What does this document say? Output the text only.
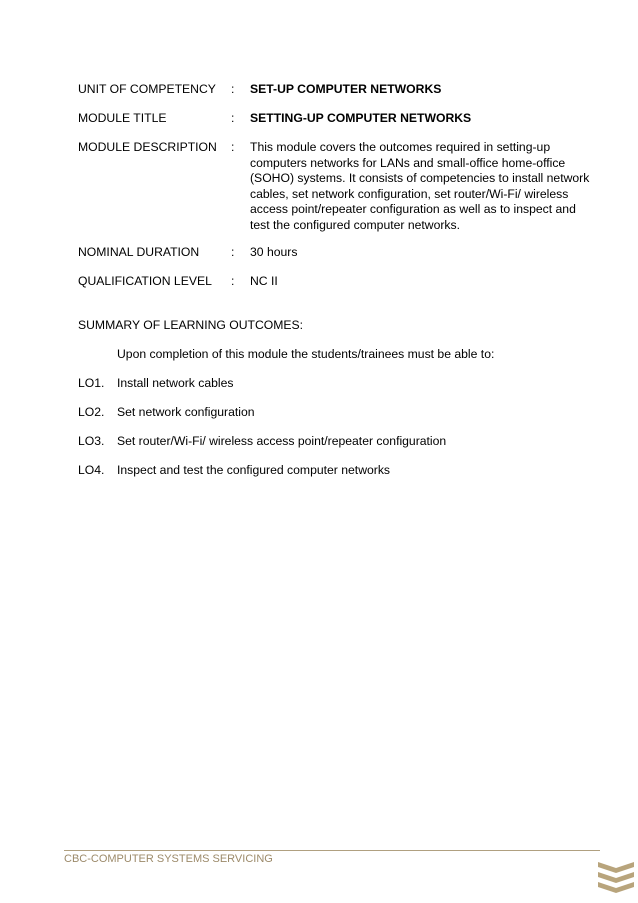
UNIT OF COMPETENCY	:	SET-UP COMPUTER NETWORKS
MODULE TITLE	:	SETTING-UP COMPUTER NETWORKS
MODULE DESCRIPTION	:	This module covers the outcomes required in setting-up computers networks for LANs and small-office home-office (SOHO) systems. It consists of competencies to install network cables, set network configuration, set router/Wi-Fi/ wireless access point/repeater configuration as well as to inspect and test the configured computer networks.
NOMINAL DURATION	:	30 hours
QUALIFICATION LEVEL	:	NC II
SUMMARY OF LEARNING OUTCOMES:
Upon completion of this module the students/trainees must be able to:
LO1. Install network cables
LO2. Set network configuration
LO3. Set router/Wi-Fi/ wireless access point/repeater configuration
LO4. Inspect and test the configured computer networks
CBC-COMPUTER SYSTEMS SERVICING
